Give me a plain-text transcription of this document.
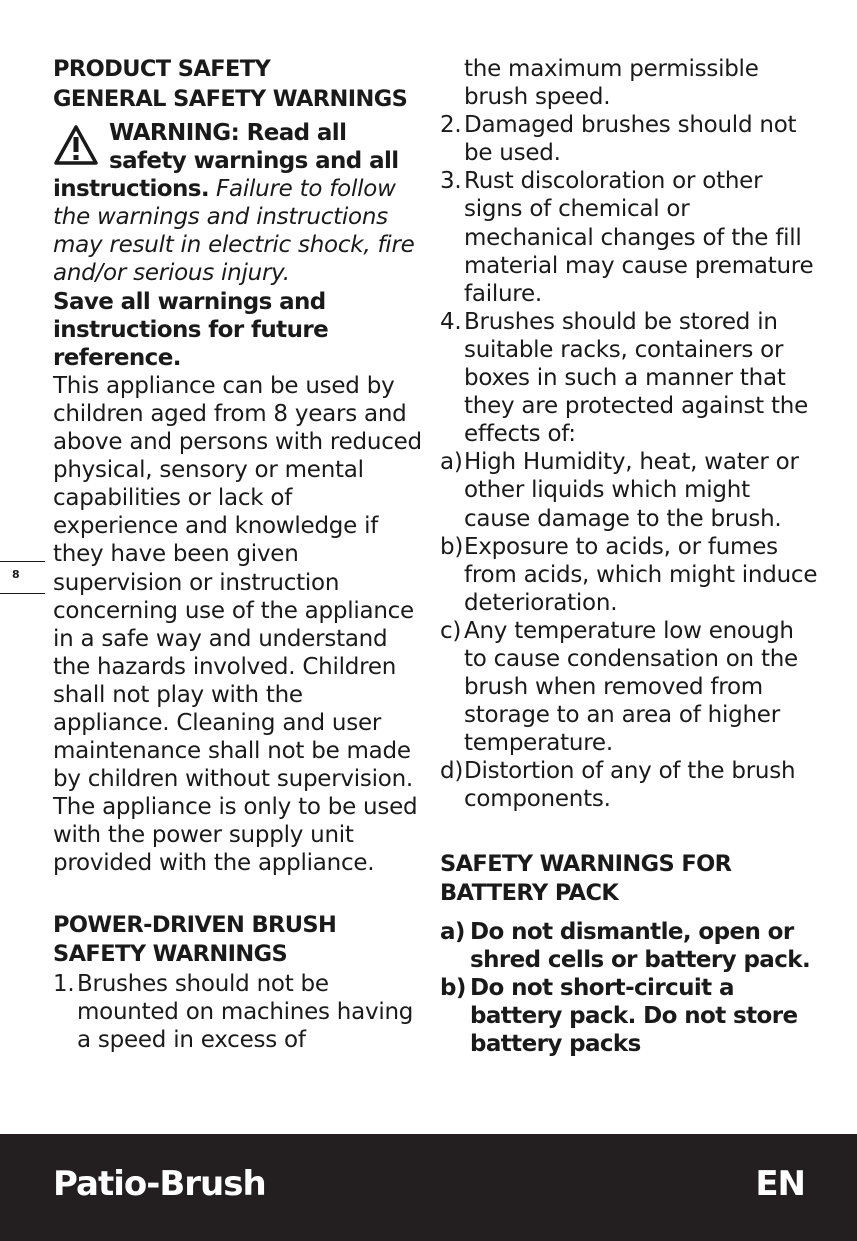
8
PRODUCT SAFETY
GENERAL SAFETY WARNINGS
WARNING: Read all
safety warnings and all

instructions. Failure to follow the warnings and instructions may result in electric shock, fire and/or serious injury.

Save all warnings and instructions for future reference.

This appliance can be used by children aged from 8 years and above and persons with reduced physical, sensory or mental capabilities or lack of experience and knowledge if they have been given supervision or instruction concerning use of the appliance in a safe way and understand the hazards involved. Children shall not play with the appliance. Cleaning and user maintenance shall not be made by children without supervision.

The appliance is only to be used with the power supply unit provided with the appliance.

POWER-DRIVEN BRUSH
SAFETY WARNINGS
1. Brushes should not be mounted on machines having a speed in excess of

the maximum permissible brush speed.

2. Damaged brushes should not be used.
3. Rust discoloration or other signs of chemical or mechanical changes of the fill material may cause premature failure.
4. Brushes should be stored in suitable racks, containers or boxes in such a manner that they are protected against the effects of:
a) High Humidity, heat, water or other liquids which might cause damage to the brush.
b) Exposure to acids, or fumes from acids, which might induce deterioration.
c) Any temperature low enough to cause condensation on the brush when removed from storage to an area of higher temperature.
d) Distortion of any of the brush components.
SAFETY WARNINGS FOR
BATTERY PACK
a) Do not dismantle, open or shred cells or battery pack.
b) Do not short-circuit a battery pack. Do not store battery packs
Patio-Brush	EN
